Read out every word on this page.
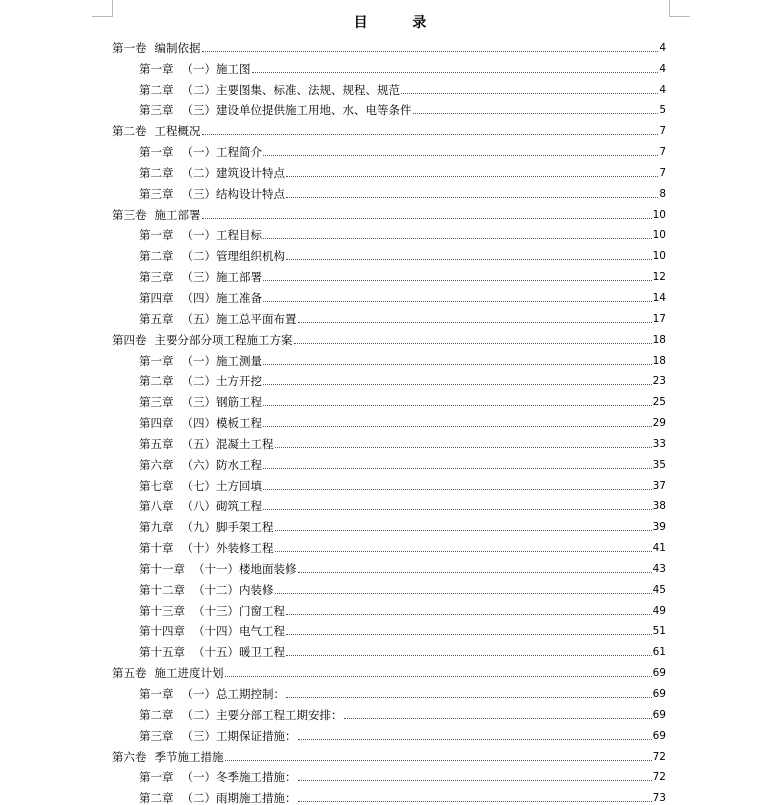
目 录
第一卷 编制依据	4
第一章 （一）施工图	4
第二章 （二）主要图集、标准、法规、规程、规范	4
第三章 （三）建设单位提供施工用地、水、电等条件	5
第二卷 工程概况	7
第一章 （一）工程简介	7
第二章 （二）建筑设计特点	7
第三章 （三）结构设计特点	8
第三卷 施工部署	10
第一章 （一）工程目标	10
第二章 （二）管理组织机构	10
第三章 （三）施工部署	12
第四章 （四）施工准备	14
第五章 （五）施工总平面布置	17
第四卷 主要分部分项工程施工方案	18
第一章 （一）施工测量	18
第二章 （二）土方开挖	23
第三章 （三）钢筋工程	25
第四章 （四）模板工程	29
第五章 （五）混凝土工程	33
第六章 （六）防水工程	35
第七章 （七）土方回填	37
第八章 （八）砌筑工程	38
第九章 （九）脚手架工程	39
第十章 （十）外装修工程	41
第十一章 （十一）楼地面装修	43
第十二章 （十二）内装修	45
第十三章 （十三）门窗工程	49
第十四章 （十四）电气工程	51
第十五章 （十五）暖卫工程	61
第五卷 施工进度计划	69
第一章 （一）总工期控制：	69
第二章 （二）主要分部工程工期安排：	69
第三章 （三）工期保证措施：	69
第六卷 季节施工措施	72
第一章 （一）冬季施工措施：	72
第二章 （二）雨期施工措施：	73
